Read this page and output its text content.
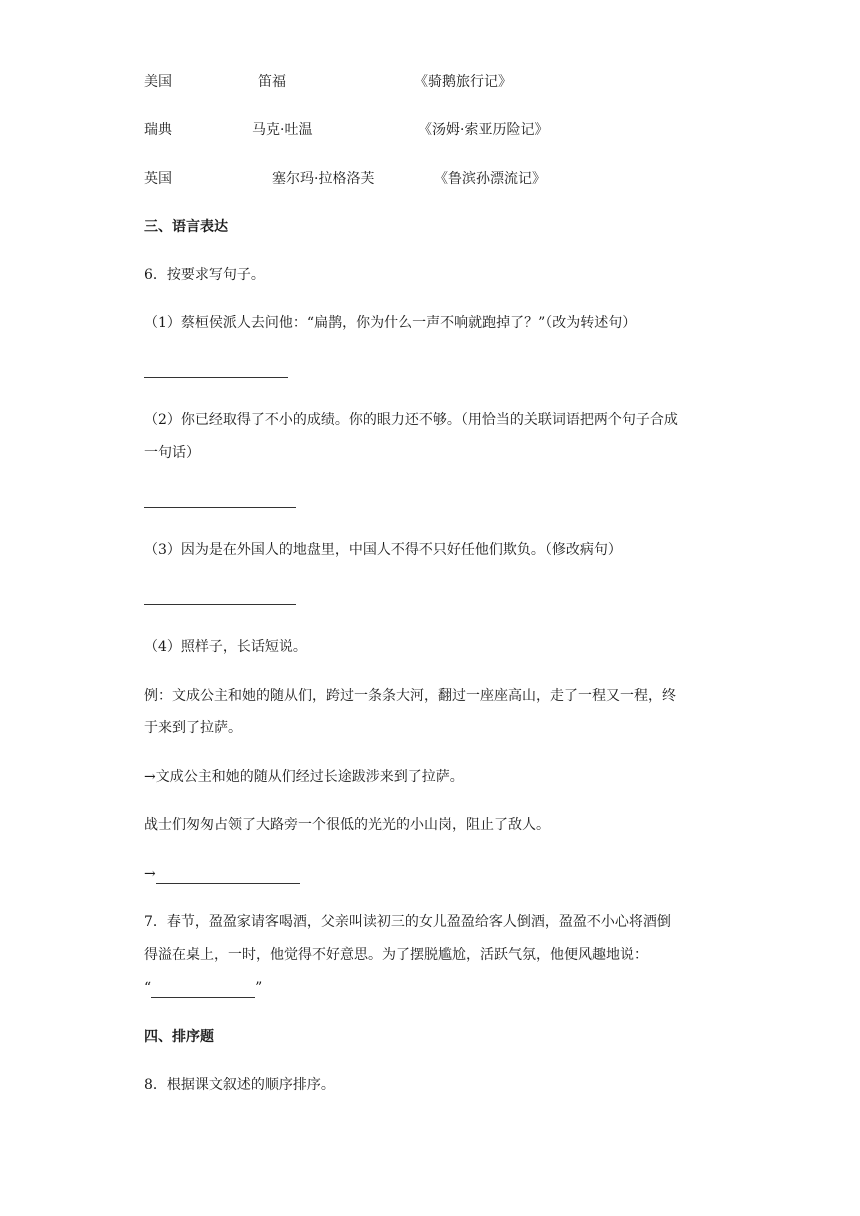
美国	笛福	《骑鹅旅行记》
瑞典	马克·吐温	《汤姆·索亚历险记》
英国	塞尔玛·拉格洛芙	《鲁滨孙漂流记》
三、语言表达
6．按要求写句子。
（1）蔡桓侯派人去问他：“扁鹊，你为什么一声不响就跑掉了？”（改为转述句）
（2）你已经取得了不小的成绩。你的眼力还不够。（用恰当的关联词语把两个句子合成
一句话）
（3）因为是在外国人的地盘里，中国人不得不只好任他们欺负。（修改病句）
（4）照样子，长话短说。
例：文成公主和她的随从们，跨过一条条大河，翻过一座座高山，走了一程又一程，终
于来到了拉萨。
→文成公主和她的随从们经过长途跋涉来到了拉萨。
战士们匆匆占领了大路旁一个很低的光光的小山岗，阻止了敌人。
→
7．春节，盈盈家请客喝酒，父亲叫读初三的女儿盈盈给客人倒酒，盈盈不小心将酒倒
得溢在桌上，一时，他觉得不好意思。为了摆脱尴尬，活跃气氛，他便风趣地说：
“	”
四、排序题
8．根据课文叙述的顺序排序。
